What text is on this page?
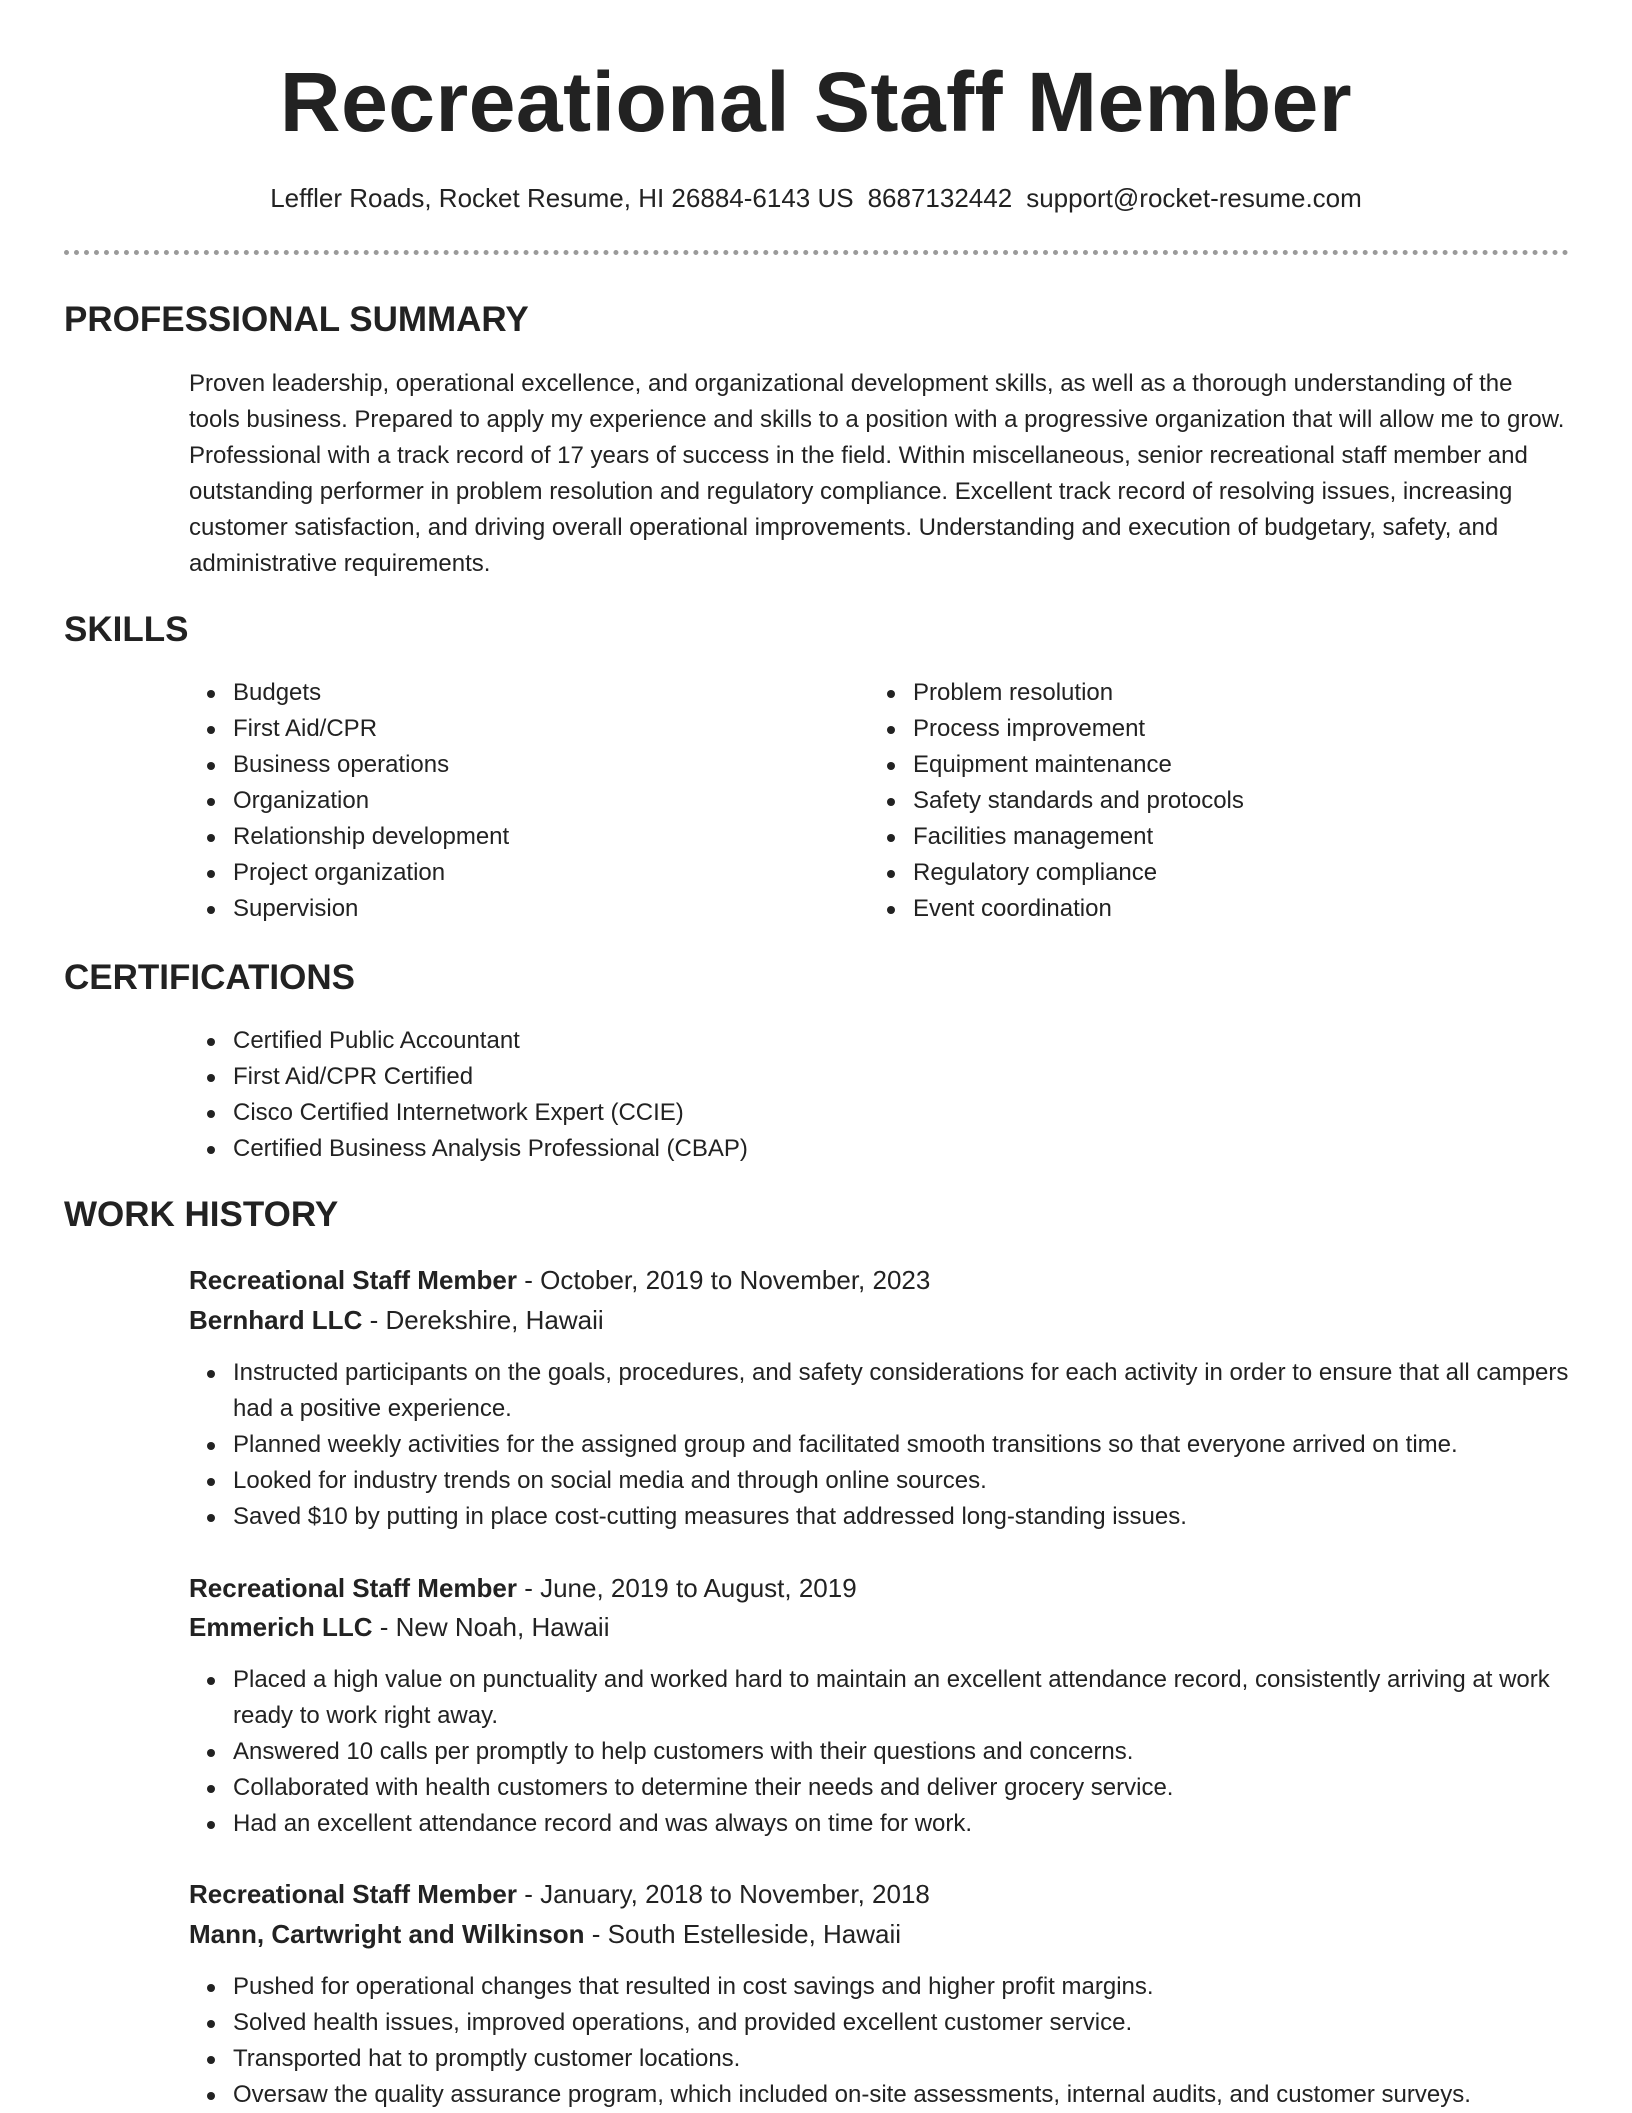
Recreational Staff Member
Leffler Roads, Rocket Resume, HI 26884-6143 US 8687132442 support@rocket-resume.com
PROFESSIONAL SUMMARY

Proven leadership, operational excellence, and organizational development skills, as well as a thorough understanding of the tools business. Prepared to apply my experience and skills to a position with a progressive organization that will allow me to grow. Professional with a track record of 17 years of success in the field. Within miscellaneous, senior recreational staff member and outstanding performer in problem resolution and regulatory compliance. Excellent track record of resolving issues, increasing customer satisfaction, and driving overall operational improvements. Understanding and execution of budgetary, safety, and administrative requirements.

SKILLS
Budgets
First Aid/CPR
Business operations
Organization
Relationship development
Project organization
Supervision
Problem resolution
Process improvement
Equipment maintenance
Safety standards and protocols
Facilities management
Regulatory compliance
Event coordination
CERTIFICATIONS
Certified Public Accountant
First Aid/CPR Certified
Cisco Certified Internetwork Expert (CCIE)
Certified Business Analysis Professional (CBAP)
WORK HISTORY
Recreational Staff Member - October, 2019 to November, 2023
Bernhard LLC - Derekshire, Hawaii
Instructed participants on the goals, procedures, and safety considerations for each activity in order to ensure that all campers had a positive experience.
Planned weekly activities for the assigned group and facilitated smooth transitions so that everyone arrived on time.
Looked for industry trends on social media and through online sources.
Saved $10 by putting in place cost-cutting measures that addressed long-standing issues.
Recreational Staff Member - June, 2019 to August, 2019
Emmerich LLC - New Noah, Hawaii
Placed a high value on punctuality and worked hard to maintain an excellent attendance record, consistently arriving at work ready to work right away.
Answered 10 calls per promptly to help customers with their questions and concerns.
Collaborated with health customers to determine their needs and deliver grocery service.
Had an excellent attendance record and was always on time for work.
Recreational Staff Member - January, 2018 to November, 2018
Mann, Cartwright and Wilkinson - South Estelleside, Hawaii
Pushed for operational changes that resulted in cost savings and higher profit margins.
Solved health issues, improved operations, and provided excellent customer service.
Transported hat to promptly customer locations.
Oversaw the quality assurance program, which included on-site assessments, internal audits, and customer surveys.
